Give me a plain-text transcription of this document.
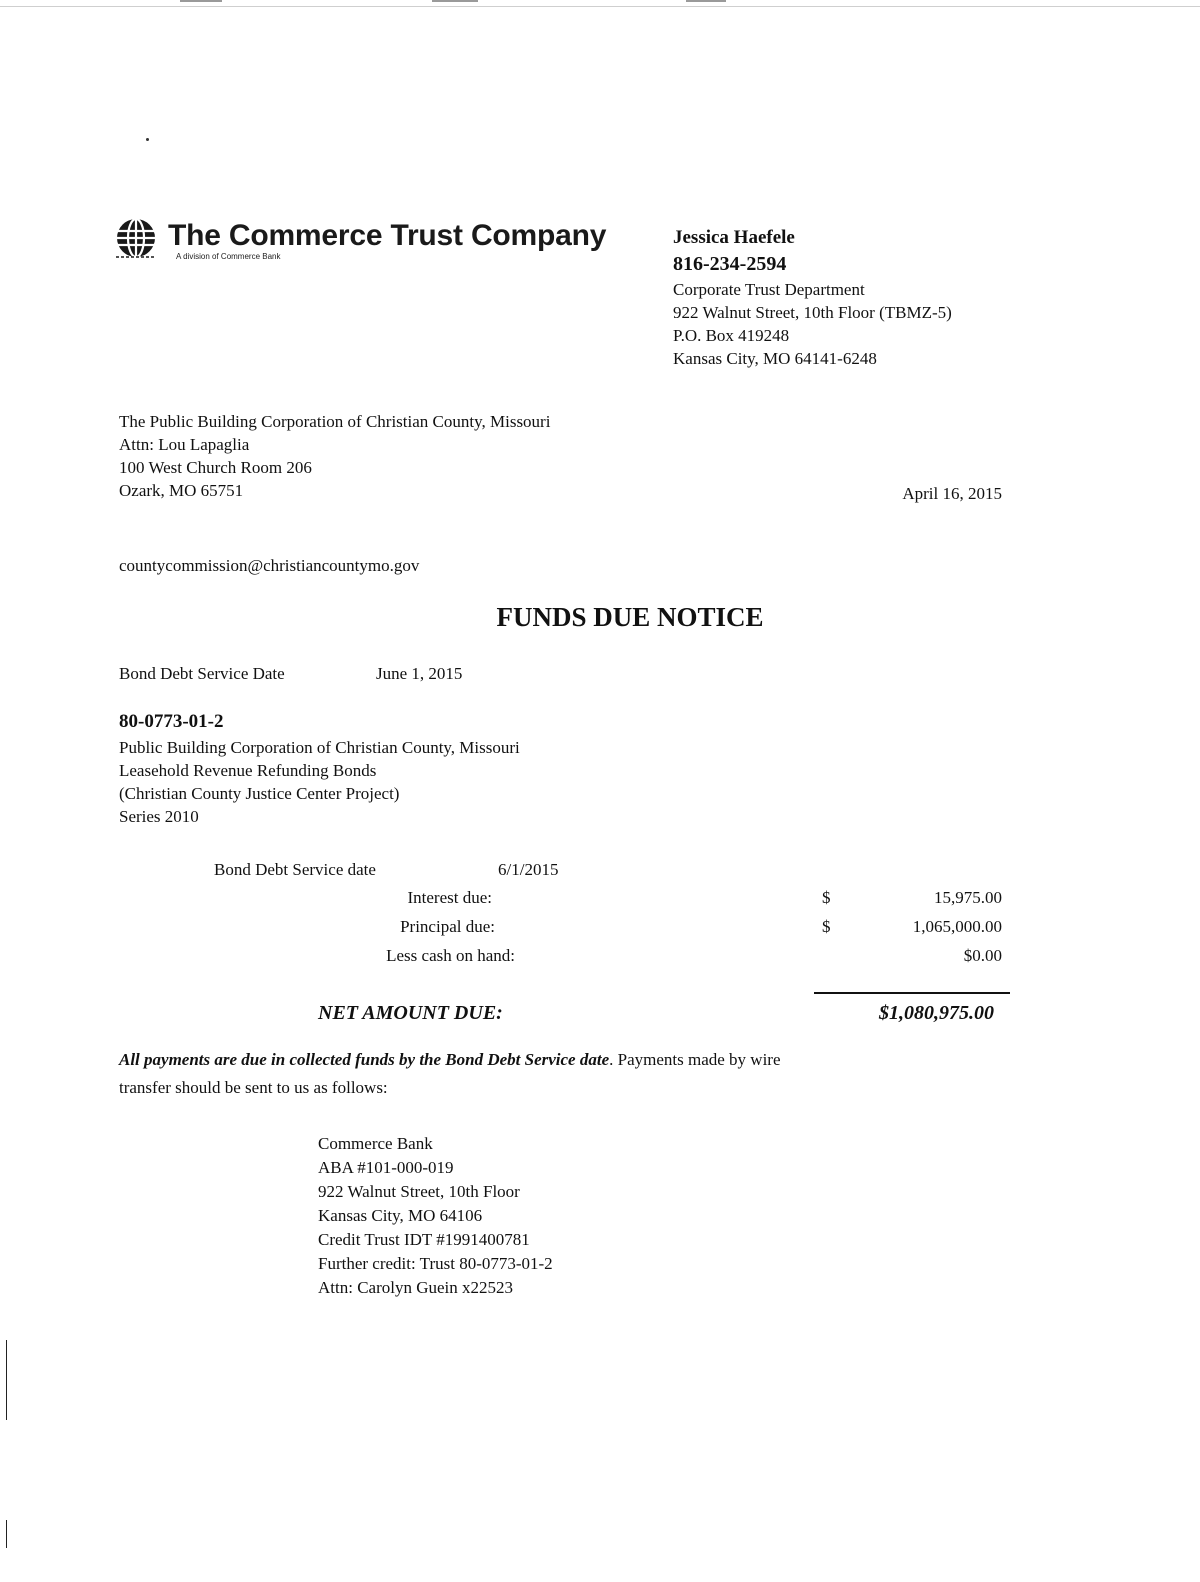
The Commerce Trust Company
A division of Commerce Bank
Jessica Haefele
816-234-2594
Corporate Trust Department
922 Walnut Street, 10th Floor (TBMZ-5)
P.O. Box 419248
Kansas City, MO 64141-6248
The Public Building Corporation of Christian County, Missouri
Attn: Lou Lapaglia
100 West Church Room 206
Ozark, MO 65751	April 16, 2015
countycommission@christiancountymo.gov
FUNDS DUE NOTICE
Bond Debt Service Date	June 1, 2015
80-0773-01-2
Public Building Corporation of Christian County, Missouri
Leasehold Revenue Refunding Bonds
(Christian County Justice Center Project)
Series 2010
Bond Debt Service date	6/1/2015
Interest due:	$	15,975.00
Principal due:	$	1,065,000.00
Less cash on hand:	$0.00
NET AMOUNT DUE:	$1,080,975.00
All payments are due in collected funds by the Bond Debt Service date. Payments made by wire
transfer should be sent to us as follows:
Commerce Bank
ABA #101-000-019
922 Walnut Street, 10th Floor
Kansas City, MO 64106
Credit Trust IDT #1991400781
Further credit: Trust 80-0773-01-2
Attn: Carolyn Guein x22523
